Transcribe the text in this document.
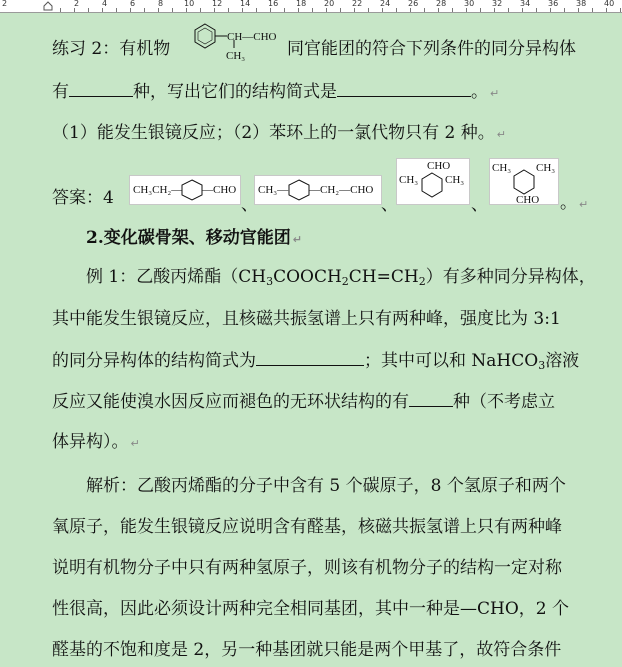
2	2	4	6	8	10 12 14 16 18 20 22 24 26 28 30 32 34 36 38 40
练习 2：有机物
CH—CHO
CH₃ 同官能团的符合下列条件的同分异构体
有	种，写出它们的结构简式是	。 ↵
（1）能发生银镜反应；（2）苯环上的一氯代物只有 2 种。 ↵
答案：4 CH₃CH₂— —CHO
、
CH₃— —CH₂—CHO
、
CHO
CH₃ CH₃
、
CH₃ CH₃
CHO 。 ↵
2.变化碳骨架、移动官能团 ↵
例 1：乙酸丙烯酯$(CH_3COOCH_2CH=CH_2)$有多种同分异构体，
其中能发生银镜反应，且核磁共振氢谱上只有两种峰，强度比为 3:1
的同分异构体的结构简式为	；其中可以和 NaHCO$_3$溶液
反应又能使溴水因反应而褪色的无环状结构的有	种（不考虑立
体异构）。 ↵
解析：乙酸丙烯酯的分子中含有 5 个碳原子，8 个氢原子和两个
氧原子，能发生银镜反应说明含有醛基，核磁共振氢谱上只有两种峰
说明有机物分子中只有两种氢原子，则该有机物分子的结构一定对称
性很高，因此必须设计两种完全相同基团，其中一种是—CHO，2 个
醛基的不饱和度是 2，另一种基团就只能是两个甲基了，故符合条件
